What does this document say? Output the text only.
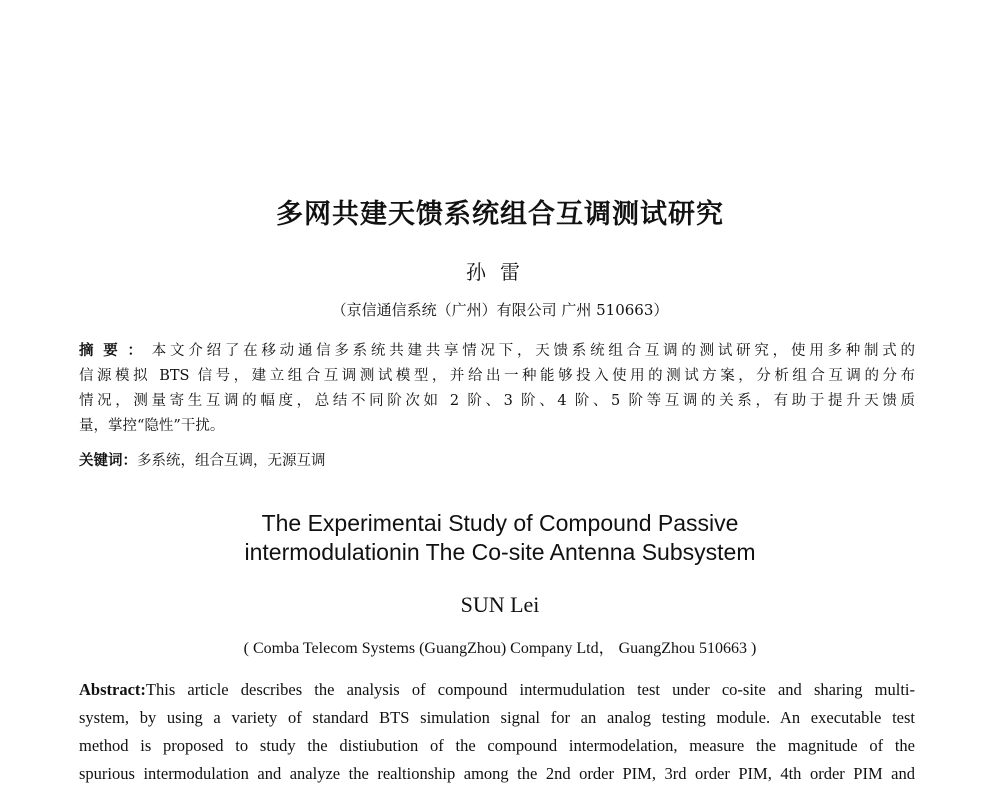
多网共建天馈系统组合互调测试研究
孙雷
（京信通信系统（广州）有限公司 广州 510663）
摘要：本文介绍了在移动通信多系统共建共享情况下，天馈系统组合互调的测试研究，使用多种制式的
信源模拟 BTS 信号，建立组合互调测试模型，并给出一种能够投入使用的测试方案，分析组合互调的分布
情况，测量寄生互调的幅度，总结不同阶次如 2 阶、3 阶、4 阶、5 阶等互调的关系，有助于提升天馈质
量，掌控“隐性”干扰。
关键词：多系统，组合互调，无源互调
The Experimentai Study of Compound Passive
intermodulationin The Co-site Antenna Subsystem
SUN Lei
( Comba Telecom Systems (GuangZhou) Company Ltd， GuangZhou 510663 )
Abstract:This article describes the analysis of compound intermudulation test under co-site and sharing multi-
system, by using a variety of standard BTS simulation signal for an analog testing module. An executable test
method is proposed to study the distiubution of the compound intermodelation, measure the magnitude of the
spurious intermodulation and analyze the realtionship among the 2nd order PIM, 3rd order PIM, 4th order PIM and
